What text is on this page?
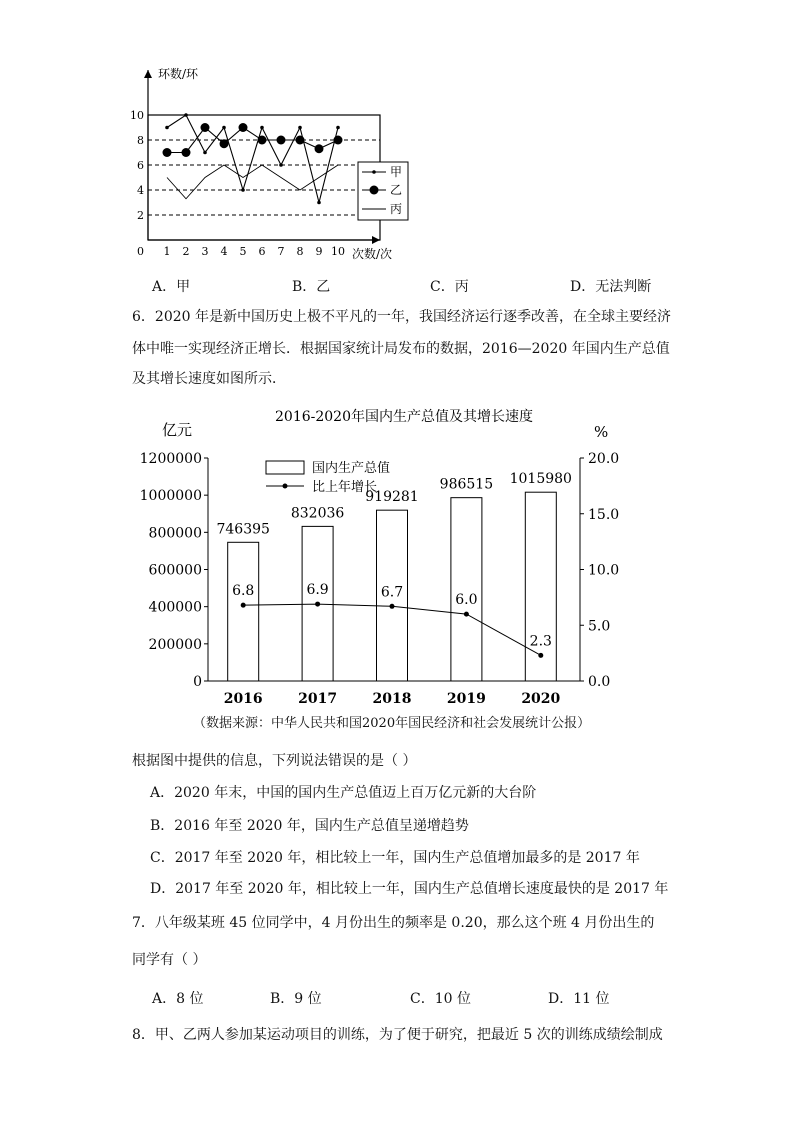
2
4
6
8
10
0 1 2 3 4 5 6 7 8 9 10
环数/环
次数/次
甲
乙
丙
A．甲	B．乙	C．丙	D．无法判断
6．2020 年是新中国历史上极不平凡的一年，我国经济运行逐季改善，在全球主要经济
体中唯一实现经济正增长．根据国家统计局发布的数据，2016—2020 年国内生产总值
及其增长速度如图所示．
2016-2020年国内生产总值及其增长速度
亿元	%
0
200000
400000
600000
800000
1000000
1200000
0.0
5.0
10.0
15.0
20.0
746395
2016
832036
2017
919281
2018
986515
2019
1015980
2020
6.8	6.9	6.7	6.0
2.3
国内生产总值
比上年增长
（数据来源：中华人民共和国2020年国民经济和社会发展统计公报）
根据图中提供的信息，下列说法错误的是（ ）
A．2020 年末，中国的国内生产总值迈上百万亿元新的大台阶
B．2016 年至 2020 年，国内生产总值呈递增趋势
C．2017 年至 2020 年，相比较上一年，国内生产总值增加最多的是 2017 年
D．2017 年至 2020 年，相比较上一年，国内生产总值增长速度最快的是 2017 年
7．八年级某班 45 位同学中，4 月份出生的频率是 0.20，那么这个班 4 月份出生的
同学有（ ）
A．8 位	B．9 位	C．10 位	D．11 位
8．甲、乙两人参加某运动项目的训练，为了便于研究，把最近 5 次的训练成绩绘制成
